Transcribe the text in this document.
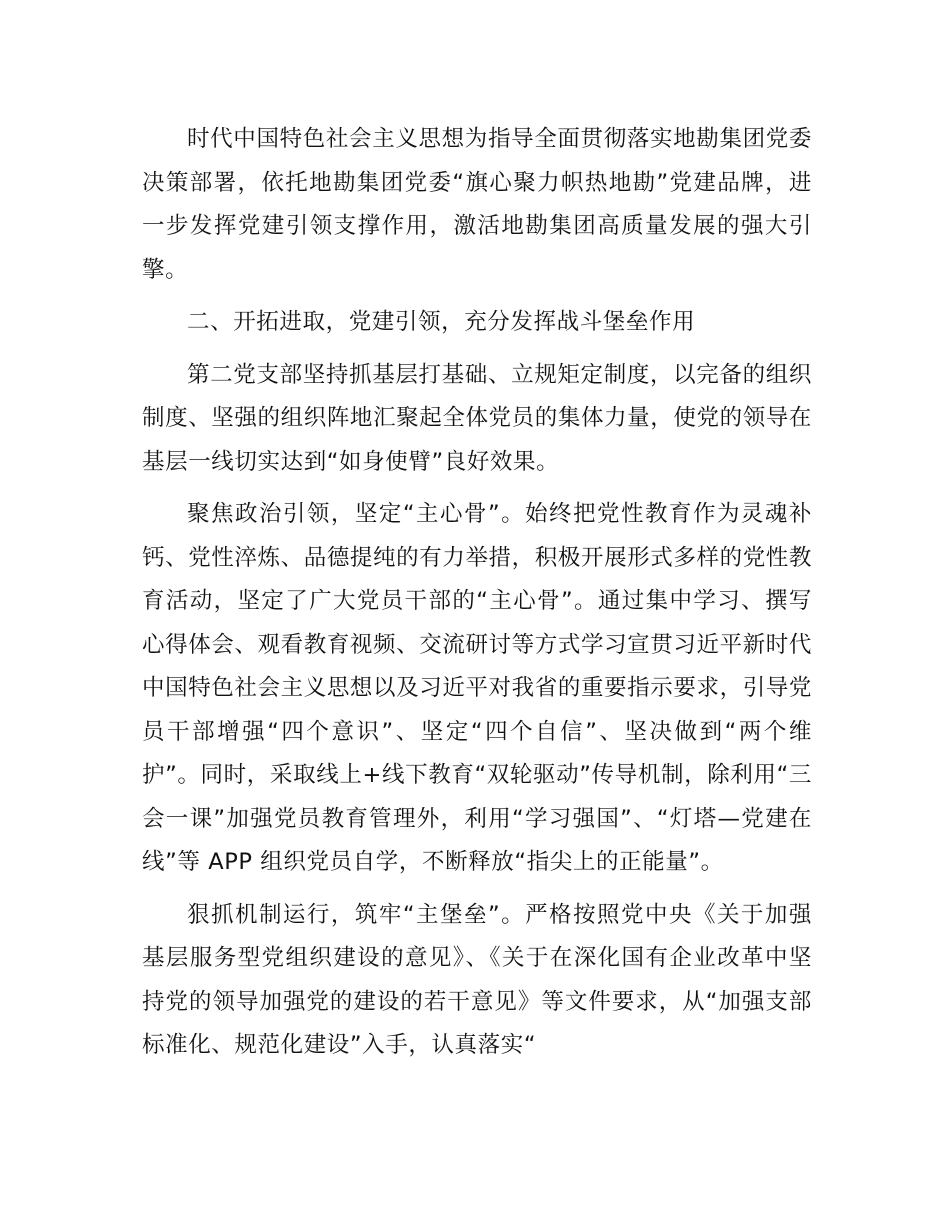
时代中国特色社会主义思想为指导全面贯彻落实地勘集团党委决策部署，依托地勘集团党委“旗心聚力帜热地勘”党建品牌，进一步发挥党建引领支撑作用，激活地勘集团高质量发展的强大引擎。

二、开拓进取，党建引领，充分发挥战斗堡垒作用

第二党支部坚持抓基层打基础、立规矩定制度，以完备的组织制度、坚强的组织阵地汇聚起全体党员的集体力量，使党的领导在基层一线切实达到“如身使臂”良好效果。

聚焦政治引领，坚定“主心骨”。始终把党性教育作为灵魂补钙、党性淬炼、品德提纯的有力举措，积极开展形式多样的党性教育活动，坚定了广大党员干部的“主心骨”。通过集中学习、撰写心得体会、观看教育视频、交流研讨等方式学习宣贯习近平新时代中国特色社会主义思想以及习近平对我省的重要指示要求，引导党员干部增强“四个意识”、坚定“四个自信”、坚决做到“两个维护”。同时，采取线上+线下教育“双轮驱动”传导机制，除利用“三会一课”加强党员教育管理外，利用“学习强国”、“灯塔—党建在线”等 APP 组织党员自学，不断释放“指尖上的正能量”。

狠抓机制运行，筑牢“主堡垒”。严格按照党中央《关于加强基层服务型党组织建设的意见》、《关于在深化国有企业改革中坚持党的领导加强党的建设的若干意见》等文件要求，从“加强支部标准化、规范化建设”入手，认真落实“
